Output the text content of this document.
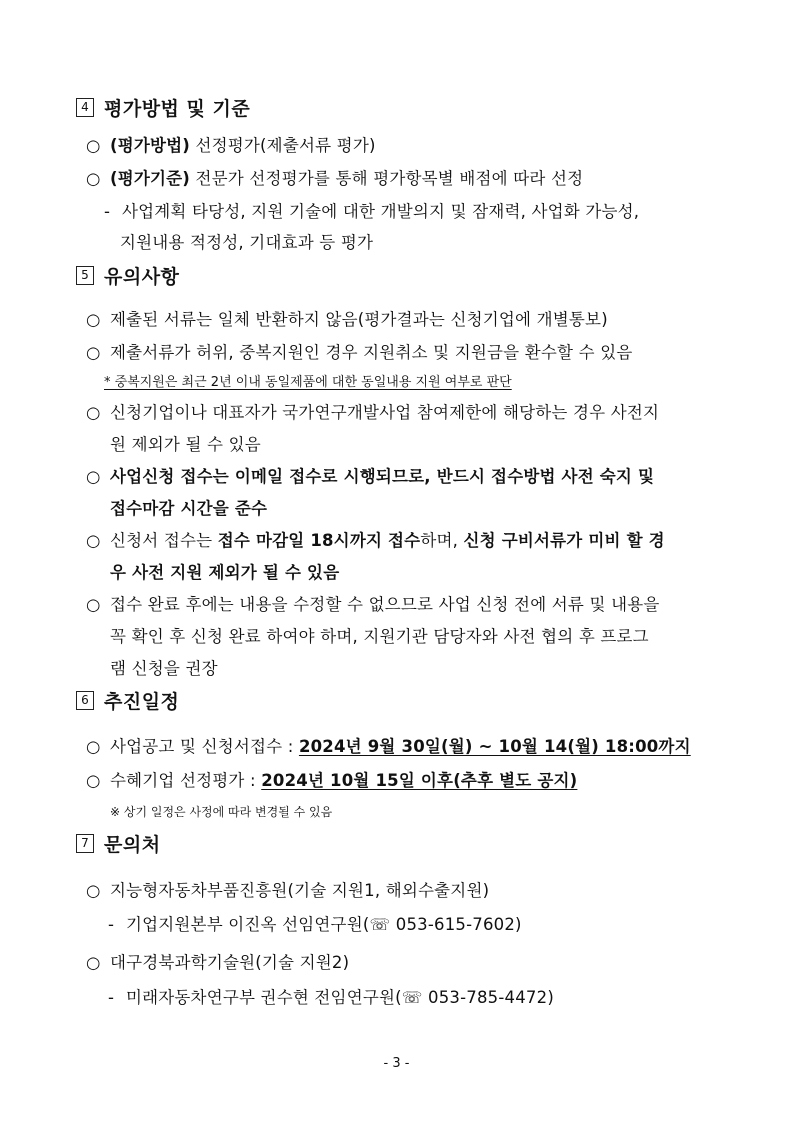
4 평가방법 및 기준
○ (평가방법) 선정평가(제출서류 평가)
○ (평가기준) 전문가 선정평가를 통해 평가항목별 배점에 따라 선정
- 사업계획 타당성, 지원 기술에 대한 개발의지 및 잠재력, 사업화 가능성,
지원내용 적정성, 기대효과 등 평가
5 유의사항
○ 제출된 서류는 일체 반환하지 않음(평가결과는 신청기업에 개별통보)
○ 제출서류가 허위, 중복지원인 경우 지원취소 및 지원금을 환수할 수 있음
* 중복지원은 최근 2년 이내 동일제품에 대한 동일내용 지원 여부로 판단
○ 신청기업이나 대표자가 국가연구개발사업 참여제한에 해당하는 경우 사전지
원 제외가 될 수 있음
○ 사업신청 접수는 이메일 접수로 시행되므로, 반드시 접수방법 사전 숙지 및
접수마감 시간을 준수
○ 신청서 접수는 접수 마감일 18시까지 접수하며, 신청 구비서류가 미비 할 경
우 사전 지원 제외가 될 수 있음
○ 접수 완료 후에는 내용을 수정할 수 없으므로 사업 신청 전에 서류 및 내용을
꼭 확인 후 신청 완료 하여야 하며, 지원기관 담당자와 사전 협의 후 프로그
램 신청을 권장
6 추진일정
○ 사업공고 및 신청서접수 : 2024년 9월 30일(월) ~ 10월 14(월) 18:00까지
○ 수혜기업 선정평가 : 2024년 10월 15일 이후(추후 별도 공지)
※ 상기 일정은 사정에 따라 변경될 수 있음
7 문의처
○ 지능형자동차부품진흥원(기술 지원1, 해외수출지원)
- 기업지원본부 이진옥 선임연구원(☏ 053-615-7602)
○ 대구경북과학기술원(기술 지원2)
- 미래자동차연구부 권수현 전임연구원(☏ 053-785-4472)
- 3 -
